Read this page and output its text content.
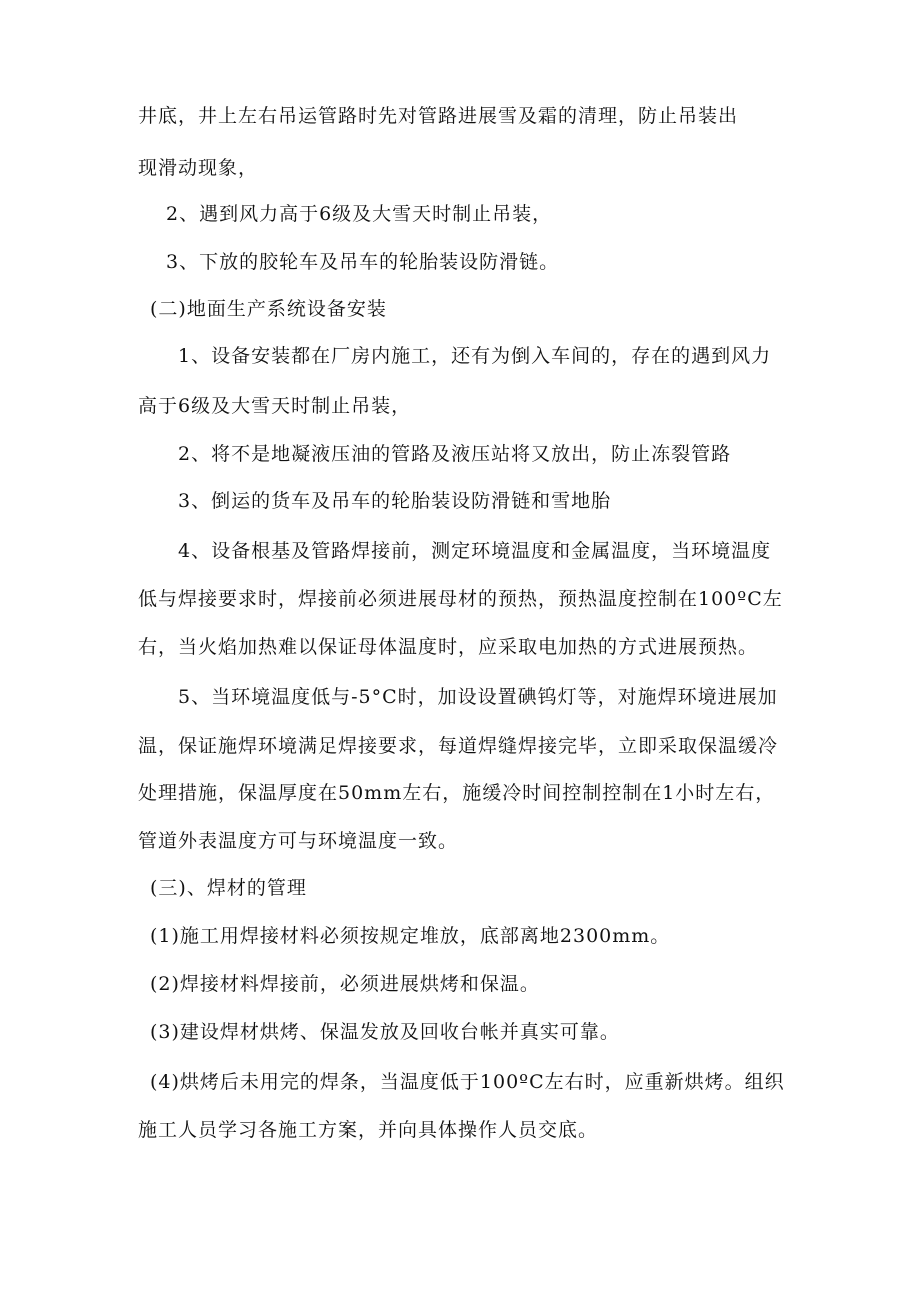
井底，井上左右吊运管路时先对管路进展雪及霜的清理，防止吊装出
现滑动现象，
2、遇到风力高于6级及大雪天时制止吊装，
3、下放的胶轮车及吊车的轮胎装设防滑链。
(二)地面生产系统设备安装
1、设备安装都在厂房内施工，还有为倒入车间的，存在的遇到风力
高于6级及大雪天时制止吊装，
2、将不是地凝液压油的管路及液压站将又放出，防止冻裂管路
3、倒运的货车及吊车的轮胎装设防滑链和雪地胎
4、设备根基及管路焊接前，测定环境温度和金属温度，当环境温度
低与焊接要求时，焊接前必须进展母材的预热，预热温度控制在100ºC左
右，当火焰加热难以保证母体温度时，应采取电加热的方式进展预热。
5、当环境温度低与-5°C时，加设设置碘钨灯等，对施焊环境进展加
温，保证施焊环境满足焊接要求，每道焊缝焊接完毕，立即采取保温缓冷
处理措施，保温厚度在50mm左右，施缓冷时间控制控制在1小时左右，
管道外表温度方可与环境温度一致。
(三)、焊材的管理
(1)施工用焊接材料必须按规定堆放，底部离地2300mm。
(2)焊接材料焊接前，必须进展烘烤和保温。
(3)建设焊材烘烤、保温发放及回收台帐并真实可靠。
(4)烘烤后未用完的焊条，当温度低于100ºC左右时，应重新烘烤。组织
施工人员学习各施工方案，并向具体操作人员交底。
